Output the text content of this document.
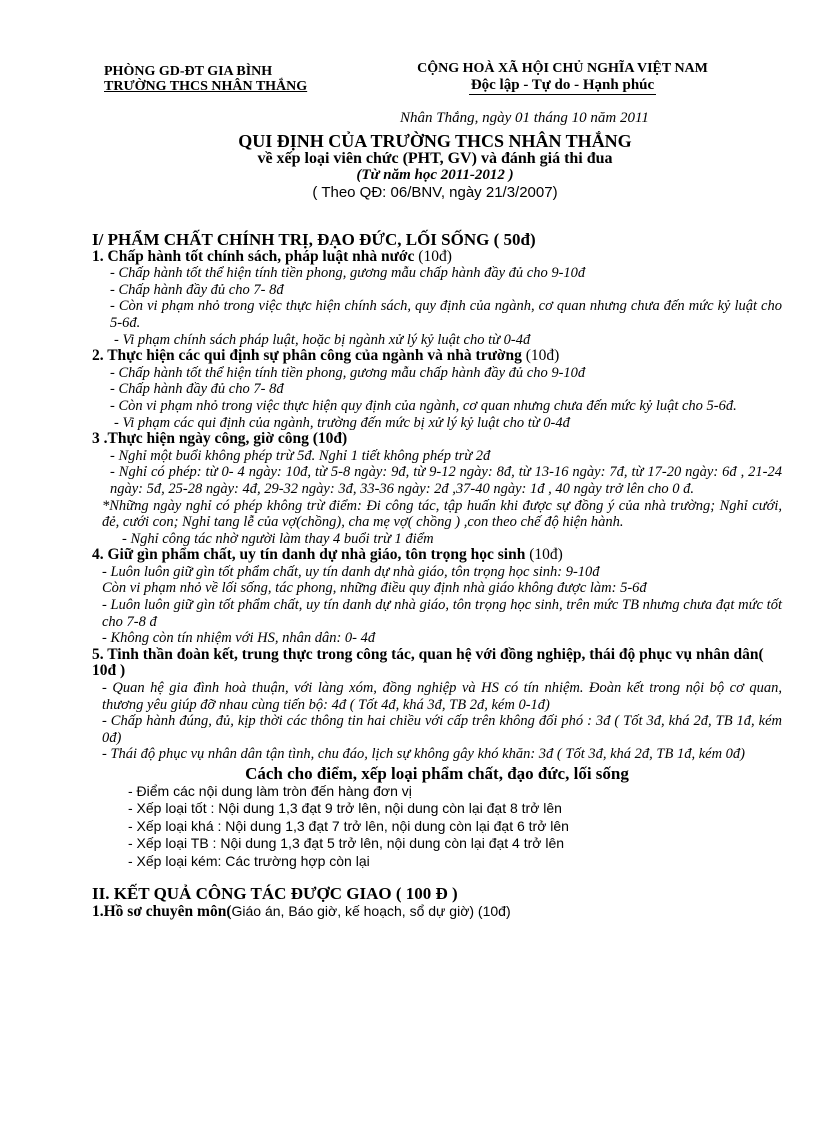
PHÒNG GD-ĐT GIA BÌNH
TRƯỜNG THCS NHÂN THẮNG
CỘNG HOÀ XÃ HỘI CHỦ NGHĨA VIỆT NAM
Độc lập - Tự do - Hạnh phúc
Nhân Thắng, ngày 01 tháng 10 năm 2011
QUI ĐỊNH CỦA TRƯỜNG THCS NHÂN THẮNG
về xếp loại viên chức (PHT, GV) và đánh giá thi đua
(Từ năm học 2011-2012 )
( Theo QĐ: 06/BNV, ngày 21/3/2007)
I/ PHẨM CHẤT CHÍNH TRỊ, ĐẠO ĐỨC, LỐI SỐNG ( 50đ)
1. Chấp hành tốt chính sách, pháp luật nhà nước (10đ)
- Chấp hành tốt thể hiện tính tiền phong, gương mẫu chấp hành đầy đủ cho 9-10đ
- Chấp hành đầy đủ cho 7- 8đ
- Còn vi phạm nhỏ trong việc thực hiện chính sách, quy định của ngành, cơ quan nhưng chưa đến mức kỷ luật cho 5-6đ.
- Vi phạm chính sách pháp luật, hoặc bị ngành xử lý kỷ luật cho từ 0-4đ
2. Thực hiện các qui định sự phân công của ngành và nhà trường (10đ)
- Chấp hành tốt thể hiện tính tiền phong, gương mẫu chấp hành đầy đủ cho 9-10đ
- Chấp hành đầy đủ cho 7- 8đ
- Còn vi phạm nhỏ trong việc thực hiện quy định của ngành, cơ quan nhưng chưa đến mức kỷ luật cho 5-6đ.
- Vi phạm các qui định của ngành, trường đến mức bị xử lý kỷ luật cho từ 0-4đ
3 .Thực hiện ngày công, giờ công (10đ)
- Nghỉ một buổi không phép trừ 5đ. Nghỉ 1 tiết không phép trừ 2đ
- Nghỉ có phép: từ 0- 4 ngày: 10đ, từ 5-8 ngày: 9đ, từ 9-12 ngày: 8đ, từ 13-16 ngày: 7đ, từ 17-20 ngày: 6đ , 21-24 ngày: 5đ, 25-28 ngày: 4đ, 29-32 ngày: 3đ, 33-36 ngày: 2đ ,37-40 ngày: 1đ , 40 ngày trở lên cho 0 đ.
*Những ngày nghỉ có phép không trừ điểm: Đi công tác, tập huấn khi được sự đồng ý của nhà trường; Nghỉ cưới, đẻ, cưới con; Nghỉ tang lễ của vợ(chồng), cha mẹ vợ( chồng ) ,con theo chế độ hiện hành.
- Nghỉ công tác nhờ người làm thay 4 buổi trừ 1 điểm
4. Giữ gìn phẩm chất, uy tín danh dự nhà giáo, tôn trọng học sinh (10đ)
- Luôn luôn giữ gìn tốt phẩm chất, uy tín danh dự nhà giáo, tôn trọng học sinh: 9-10đ
Còn vi phạm nhỏ về lối sống, tác phong, những điều quy định nhà giáo không được làm: 5-6đ
- Luôn luôn giữ gìn tốt phẩm chất, uy tín danh dự nhà giáo, tôn trọng học sinh, trên mức TB nhưng chưa đạt mức tốt cho 7-8 đ
- Không còn tín nhiệm với HS, nhân dân: 0- 4đ
5. Tinh thần đoàn kết, trung thực trong công tác, quan hệ với đồng nghiệp, thái độ phục vụ nhân dân( 10đ )
- Quan hệ gia đình hoà thuận, với làng xóm, đồng nghiệp và HS có tín nhiệm. Đoàn kết trong nội bộ cơ quan, thương yêu giúp đỡ nhau cùng tiến bộ: 4đ ( Tốt 4đ, khá 3đ, TB 2đ, kém 0-1đ)
- Chấp hành đúng, đủ, kịp thời các thông tin hai chiều với cấp trên không đối phó : 3đ ( Tốt 3đ, khá 2đ, TB 1đ, kém 0đ)
- Thái độ phục vụ nhân dân tận tình, chu đáo, lịch sự không gây khó khăn: 3đ ( Tốt 3đ, khá 2đ, TB 1đ, kém 0đ)
Cách cho điểm, xếp loại phẩm chất, đạo đức, lối sống
- Điểm các nội dung làm tròn đến hàng đơn vị
- Xếp loại tốt : Nội dung 1,3 đạt 9 trở lên, nội dung còn lại đạt 8 trở lên
- Xếp loại khá : Nội dung 1,3 đạt 7 trở lên, nội dung còn lại đạt 6 trở lên
- Xếp loại TB : Nội dung 1,3 đạt 5 trở lên, nội dung còn lại đạt 4 trở lên
- Xếp loại kém: Các trường hợp còn lại
II. KẾT QUẢ CÔNG TÁC ĐƯỢC GIAO ( 100 Đ )
1.Hồ sơ chuyên môn(Giáo án, Báo giờ, kế hoạch, sổ dự giờ) (10đ)
